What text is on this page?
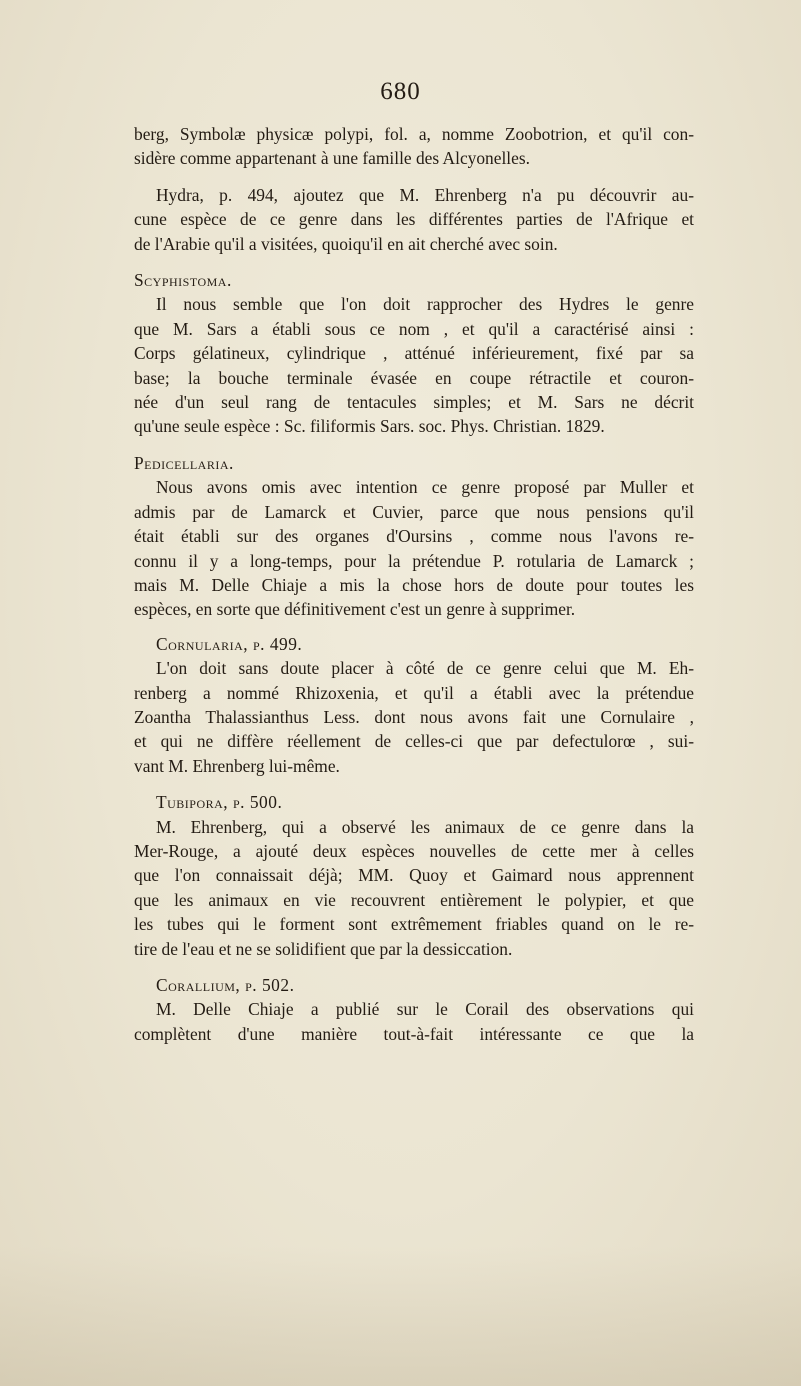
680

berg, Symbolæ physicæ polypi, fol. a, nomme Zoobotrion, et qu'il con-
sidère comme appartenant à une famille des Alcyonelles.

Hydra, p. 494, ajoutez que M. Ehrenberg n'a pu découvrir au-

cune espèce de ce genre dans les différentes parties de l'Afrique et
de l'Arabie qu'il a visitées, quoiqu'il en ait cherché avec soin.

Scyphistoma.

Il nous semble que l'on doit rapprocher des Hydres le genre

que M. Sars a établi sous ce nom , et qu'il a caractérisé ainsi :
Corps gélatineux, cylindrique , atténué inférieurement, fixé par sa
base; la bouche terminale évasée en coupe rétractile et couron-
née d'un seul rang de tentacules simples; et M. Sars ne décrit
qu'une seule espèce : Sc. filiformis Sars. soc. Phys. Christian. 1829.

Pedicellaria.

Nous avons omis avec intention ce genre proposé par Muller et

admis par de Lamarck et Cuvier, parce que nous pensions qu'il
était établi sur des organes d'Oursins , comme nous l'avons re-
connu il y a long-temps, pour la prétendue P. rotularia de Lamarck ;
mais M. Delle Chiaje a mis la chose hors de doute pour toutes les
espèces, en sorte que définitivement c'est un genre à supprimer.

Cornularia, p. 499.

L'on doit sans doute placer à côté de ce genre celui que M. Eh-

renberg a nommé Rhizoxenia, et qu'il a établi avec la prétendue
Zoantha Thalassianthus Less. dont nous avons fait une Cornulaire ,
et qui ne diffère réellement de celles-ci que par defectulorœ , sui-
vant M. Ehrenberg lui-même.

Tubipora, p. 500.

M. Ehrenberg, qui a observé les animaux de ce genre dans la

Mer-Rouge, a ajouté deux espèces nouvelles de cette mer à celles
que l'on connaissait déjà; MM. Quoy et Gaimard nous apprennent
que les animaux en vie recouvrent entièrement le polypier, et que
les tubes qui le forment sont extrêmement friables quand on le re-
tire de l'eau et ne se solidifient que par la dessiccation.

Corallium, p. 502.

M. Delle Chiaje a publié sur le Corail des observations qui

complètent d'une manière tout-à-fait intéressante ce que la
